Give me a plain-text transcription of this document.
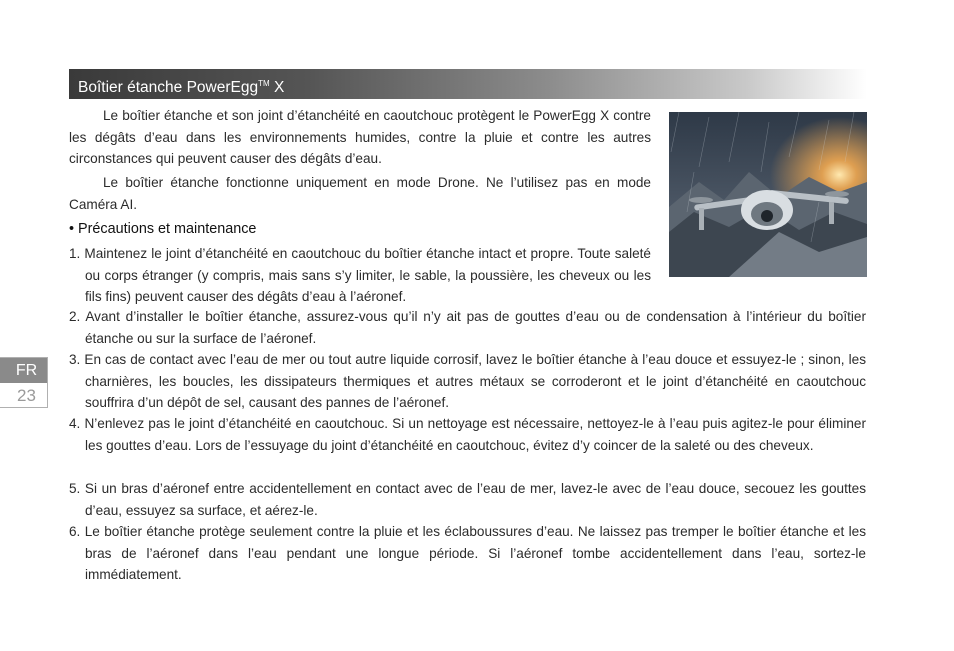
Boîtier étanche PowerEgg™ X

Le boîtier étanche et son joint d’étanchéité en caoutchouc protègent le PowerEgg X contre les dégâts d’eau dans les environnements humides, contre la pluie et contre les autres circonstances qui peuvent causer des dégâts d’eau.

Le boîtier étanche fonctionne uniquement en mode Drone. Ne l’utilisez pas en mode Caméra AI.

• Précautions et maintenance

1. Maintenez le joint d’étanchéité en caoutchouc du boîtier étanche intact et propre. Toute saleté ou corps étranger (y compris, mais sans s’y limiter, le sable, la poussière, les cheveux ou les fils fins) peuvent causer des dégâts d’eau à l’aéronef.

2. Avant d’installer le boîtier étanche, assurez-vous qu’il n’y ait pas de gouttes d’eau ou de condensation à l’intérieur du boîtier étanche ou sur la surface de l’aéronef.

3. En cas de contact avec l’eau de mer ou tout autre liquide corrosif, lavez le boîtier étanche à l’eau douce et essuyez-le ; sinon, les charnières, les boucles, les dissipateurs thermiques et autres métaux se corroderont et le joint d’étanchéité en caoutchouc souffrira d’un dépôt de sel, causant des pannes de l’aéronef.

4. N’enlevez pas le joint d’étanchéité en caoutchouc. Si un nettoyage est nécessaire, nettoyez-le à l’eau puis agitez-le pour éliminer les gouttes d’eau. Lors de l’essuyage du joint d’étanchéité en caoutchouc, évitez d’y coincer de la saleté ou des cheveux.

5. Si un bras d’aéronef entre accidentellement en contact avec de l’eau de mer, lavez-le avec de l’eau douce, secouez les gouttes d’eau, essuyez sa surface, et aérez-le.

6. Le boîtier étanche protège seulement contre la pluie et les éclaboussures d’eau. Ne laissez pas tremper le boîtier étanche et les bras de l’aéronef dans l’eau pendant une longue période. Si l’aéronef tombe accidentellement dans l’eau, sortez-le immédiatement.

FR
23
